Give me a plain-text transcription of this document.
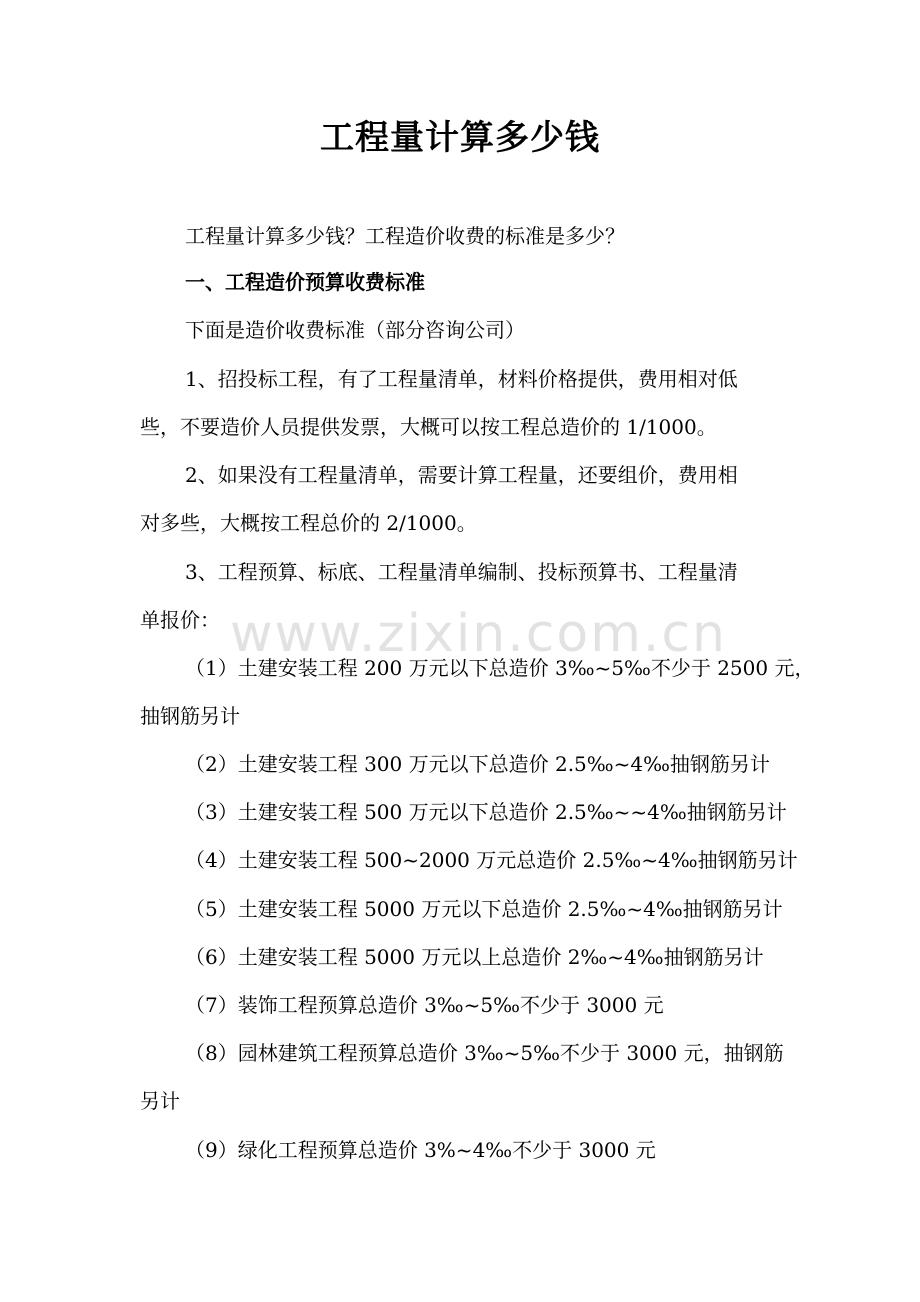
工程量计算多少钱
工程量计算多少钱？工程造价收费的标准是多少？
一、工程造价预算收费标准
下面是造价收费标准（部分咨询公司）
1、招投标工程，有了工程量清单，材料价格提供，费用相对低
些，不要造价人员提供发票，大概可以按工程总造价的 1/1000。
2、如果没有工程量清单，需要计算工程量，还要组价，费用相
对多些，大概按工程总价的 2/1000。
3、工程预算、标底、工程量清单编制、投标预算书、工程量清
单报价：
（1）土建安装工程 200 万元以下总造价 3‰~5‰不少于 2500 元，
抽钢筋另计
（2）土建安装工程 300 万元以下总造价 2.5‰~4‰抽钢筋另计
（3）土建安装工程 500 万元以下总造价 2.5‰~~4‰抽钢筋另计
（4）土建安装工程 500~2000 万元总造价 2.5‰~4‰抽钢筋另计
（5）土建安装工程 5000 万元以下总造价 2.5‰~4‰抽钢筋另计
（6）土建安装工程 5000 万元以上总造价 2‰~4‰抽钢筋另计
（7）装饰工程预算总造价 3‰~5‰不少于 3000 元
（8）园林建筑工程预算总造价 3‰~5‰不少于 3000 元，抽钢筋
另计
（9）绿化工程预算总造价 3%~4‰不少于 3000 元
www.zixin.com.cn
